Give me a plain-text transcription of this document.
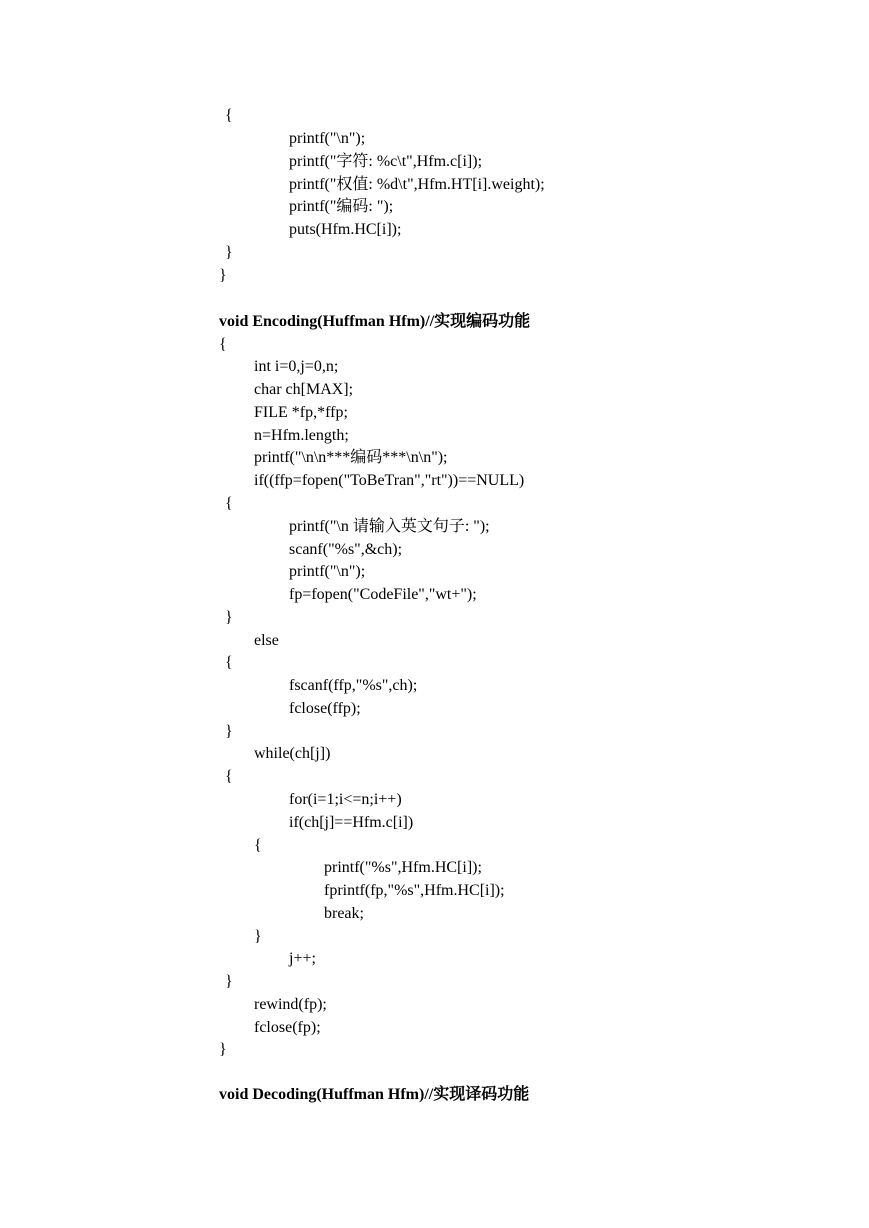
{
printf("\n");
printf("字符: %c\t",Hfm.c[i]);
printf("权值: %d\t",Hfm.HT[i].weight);
printf("编码: ");
puts(Hfm.HC[i]);
}
}
void Encoding(Huffman Hfm)//实现编码功能
{
int i=0,j=0,n;
char ch[MAX];
FILE *fp,*ffp;
n=Hfm.length;
printf("\n\n***编码***\n\n");
if((ffp=fopen("ToBeTran","rt"))==NULL)
{
printf("\n 请输入英文句子: ");
scanf("%s",&ch);
printf("\n");
fp=fopen("CodeFile","wt+");
}
else
{
fscanf(ffp,"%s",ch);
fclose(ffp);
}
while(ch[j])
{
for(i=1;i<=n;i++)
if(ch[j]==Hfm.c[i])
{
printf("%s",Hfm.HC[i]);
fprintf(fp,"%s",Hfm.HC[i]);
break;
}
j++;
}
rewind(fp);
fclose(fp);
}
void Decoding(Huffman Hfm)//实现译码功能
